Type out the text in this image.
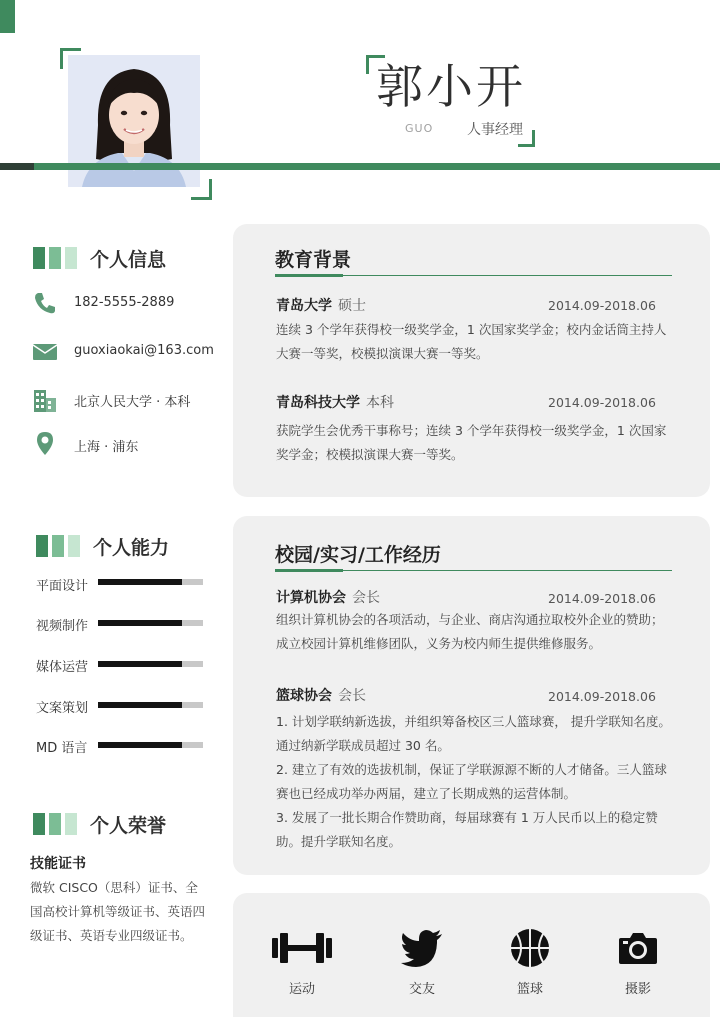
郭小开
GUO 人事经理
个人信息
182-5555-2889
guoxiaokai@163.com
北京人民大学 · 本科
上海 · 浦东
个人能力
平面设计
视频制作
媒体运营
文案策划
MD 语言
个人荣誉
技能证书
微软 CISCO（思科）证书、全国高校计算机等级证书、英语四级证书、英语专业四级证书。
教育背景
青岛大学 硕士	2014.09-2018.06
连续 3 个学年获得校一级奖学金，1 次国家奖学金；校内金话筒主持人
大赛一等奖，校模拟演课大赛一等奖。
青岛科技大学 本科	2014.09-2018.06
获院学生会优秀干事称号；连续 3 个学年获得校一级奖学金，1 次国家
奖学金；校模拟演课大赛一等奖。
校园/实习/工作经历
计算机协会 会长	2014.09-2018.06
组织计算机协会的各项活动，与企业、商店沟通拉取校外企业的赞助；
成立校园计算机维修团队，义务为校内师生提供维修服务。
篮球协会 会长	2014.09-2018.06
1. 计划学联纳新选拔，并组织筹备校区三人篮球赛， 提升学联知名度。
通过纳新学联成员超过 30 名。
2. 建立了有效的选拔机制，保证了学联源源不断的人才储备。三人篮球
赛也已经成功举办两届，建立了长期成熟的运营体制。
3. 发展了一批长期合作赞助商，每届球赛有 1 万人民币以上的稳定赞
助。提升学联知名度。
运动	交友	篮球	摄影
